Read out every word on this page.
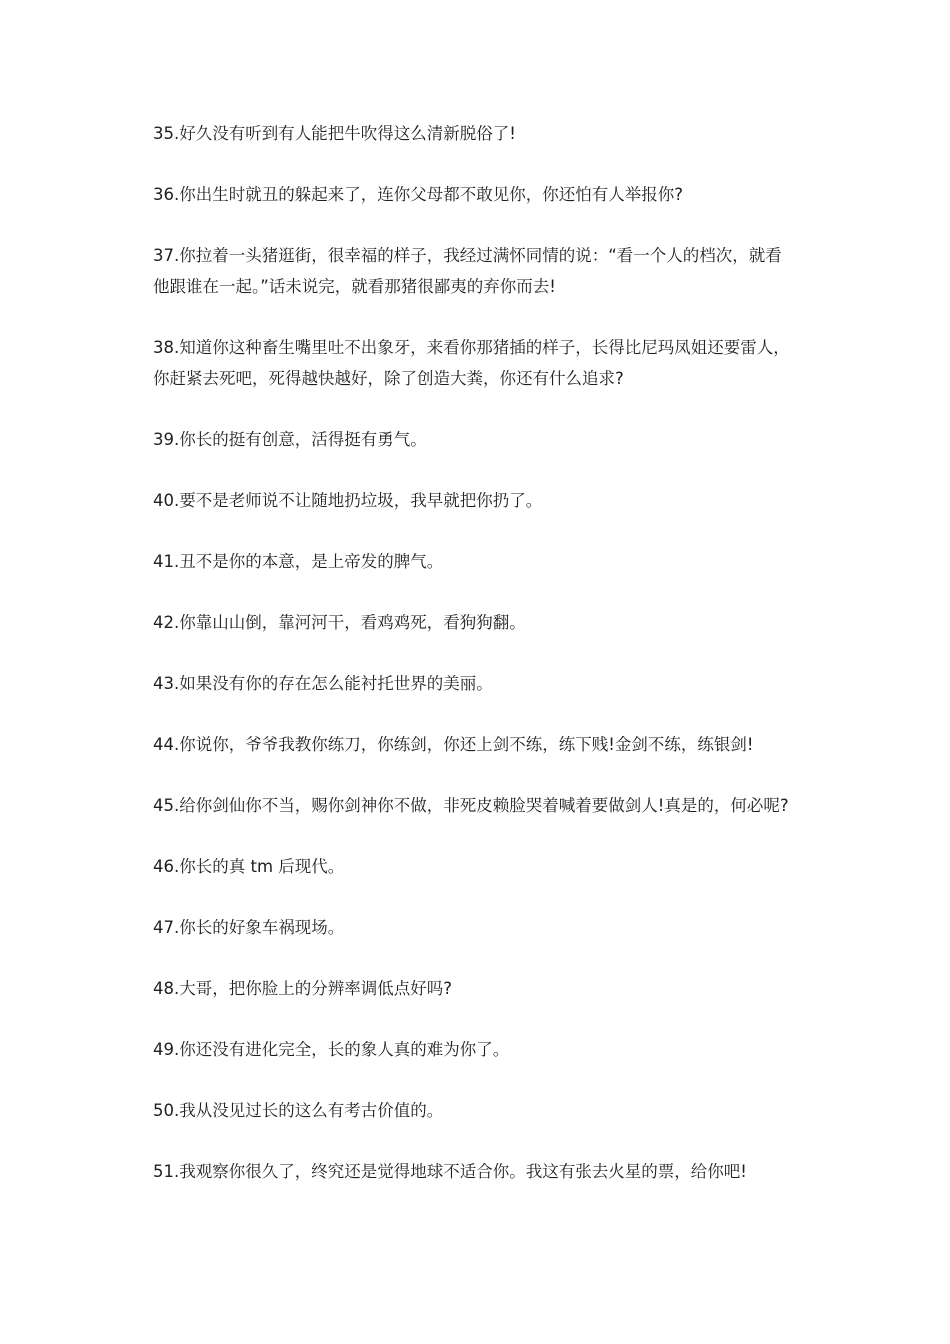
35.好久没有听到有人能把牛吹得这么清新脱俗了!

36.你出生时就丑的躲起来了，连你父母都不敢见你，你还怕有人举报你?

37.你拉着一头猪逛街，很幸福的样子，我经过满怀同情的说：“看一个人的档次，就看
他跟谁在一起。”话未说完，就看那猪很鄙夷的弃你而去!

38.知道你这种畜生嘴里吐不出象牙，来看你那猪插的样子，长得比尼玛凤姐还要雷人，
你赶紧去死吧，死得越快越好，除了创造大粪，你还有什么追求?

39.你长的挺有创意，活得挺有勇气。

40.要不是老师说不让随地扔垃圾，我早就把你扔了。

41.丑不是你的本意，是上帝发的脾气。

42.你靠山山倒，靠河河干，看鸡鸡死，看狗狗翻。

43.如果没有你的存在怎么能衬托世界的美丽。

44.你说你，爷爷我教你练刀，你练剑，你还上剑不练，练下贱!金剑不练，练银剑!

45.给你剑仙你不当，赐你剑神你不做，非死皮赖脸哭着喊着要做剑人!真是的，何必呢?

46.你长的真 tm 后现代。

47.你长的好象车祸现场。

48.大哥，把你脸上的分辨率调低点好吗?

49.你还没有进化完全，长的象人真的难为你了。

50.我从没见过长的这么有考古价值的。

51.我观察你很久了，终究还是觉得地球不适合你。我这有张去火星的票，给你吧!
